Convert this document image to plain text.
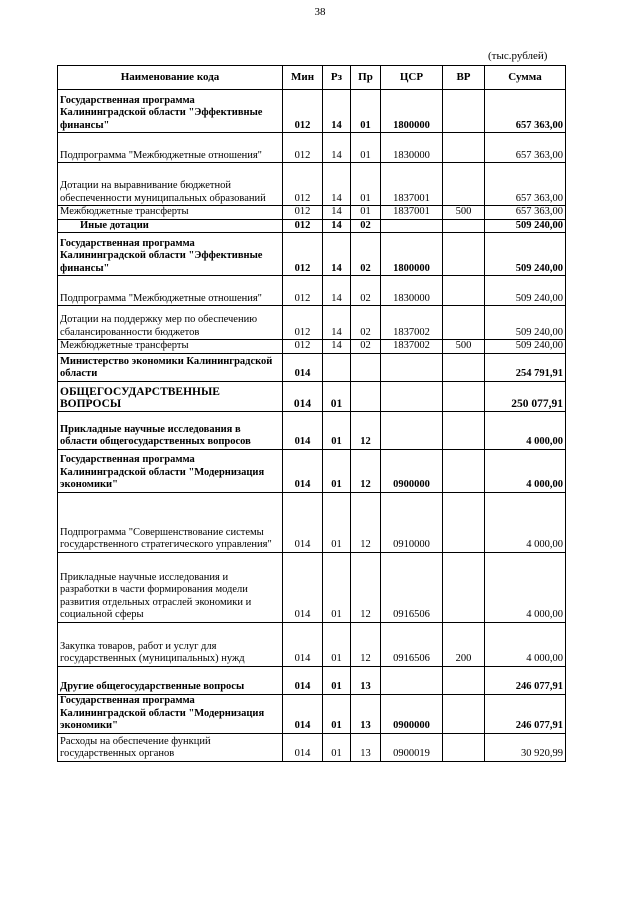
38
(тыс.рублей)
Наименование кода	Мин	Рз	Пр	ЦСР	ВР	Сумма
Государственная программа Калининградской области "Эффективные финансы"	012	14	01	1800000		657 363,00
Подпрограмма "Межбюджетные отношения"	012	14	01	1830000		657 363,00
Дотации на выравнивание бюджетной обеспеченности муниципальных образований	012	14	01	1837001		657 363,00
Межбюджетные трансферты	012	14	01	1837001	500	657 363,00
Иные дотации	012	14	02			509 240,00
Государственная программа Калининградской области "Эффективные финансы"	012	14	02	1800000		509 240,00
Подпрограмма "Межбюджетные отношения"	012	14	02	1830000		509 240,00
Дотации на поддержку мер по обеспечению сбалансированности бюджетов	012	14	02	1837002		509 240,00
Межбюджетные трансферты	012	14	02	1837002	500	509 240,00
Министерство экономики Калининградской области	014					254 791,91
ОБЩЕГОСУДАРСТВЕННЫЕ ВОПРОСЫ	014	01				250 077,91
Прикладные научные исследования в области общегосударственных вопросов	014	01	12			4 000,00
Государственная программа Калининградской области "Модернизация экономики"	014	01	12	0900000		4 000,00
Подпрограмма "Совершенствование системы государственного стратегического управления"	014	01	12	0910000		4 000,00
Прикладные научные исследования и разработки в части формирования модели развития отдельных отраслей экономики и социальной сферы	014	01	12	0916506		4 000,00
Закупка товаров, работ и услуг для государственных (муниципальных) нужд	014	01	12	0916506	200	4 000,00
Другие общегосударственные вопросы	014	01	13			246 077,91
Государственная программа Калининградской области "Модернизация экономики"	014	01	13	0900000		246 077,91
Расходы на обеспечение функций государственных органов	014	01	13	0900019		30 920,99
